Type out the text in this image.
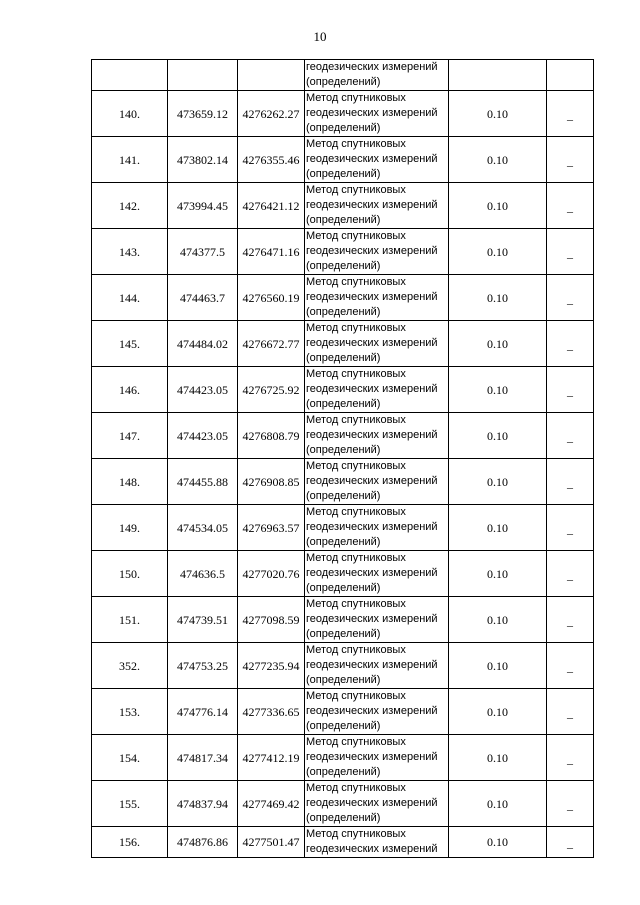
10

			геодезических измерений
(определений)		

140.	473659.12	4276262.27	Метод спутниковых
геодезических измерений
(определений)	0.10	–
141.	473802.14	4276355.46	Метод спутниковых
геодезических измерений
(определений)	0.10	–
142.	473994.45	4276421.12	Метод спутниковых
геодезических измерений
(определений)	0.10	–
143.	474377.5	4276471.16	Метод спутниковых
геодезических измерений
(определений)	0.10	–
144.	474463.7	4276560.19	Метод спутниковых
геодезических измерений
(определений)	0.10	–
145.	474484.02	4276672.77	Метод спутниковых
геодезических измерений
(определений)	0.10	–
146.	474423.05	4276725.92	Метод спутниковых
геодезических измерений
(определений)	0.10	–
147.	474423.05	4276808.79	Метод спутниковых
геодезических измерений
(определений)	0.10	–
148.	474455.88	4276908.85	Метод спутниковых
геодезических измерений
(определений)	0.10	–
149.	474534.05	4276963.57	Метод спутниковых
геодезических измерений
(определений)	0.10	–
150.	474636.5	4277020.76	Метод спутниковых
геодезических измерений
(определений)	0.10	–
151.	474739.51	4277098.59	Метод спутниковых
геодезических измерений
(определений)	0.10	–
352.	474753.25	4277235.94	Метод спутниковых
геодезических измерений
(определений)	0.10	–
153.	474776.14	4277336.65	Метод спутниковых
геодезических измерений
(определений)	0.10	–
154.	474817.34	4277412.19	Метод спутниковых
геодезических измерений
(определений)	0.10	–
155.	474837.94	4277469.42	Метод спутниковых
геодезических измерений
(определений)	0.10	–
156.	474876.86	4277501.47	Метод спутниковых
геодезических измерений	0.10	–
